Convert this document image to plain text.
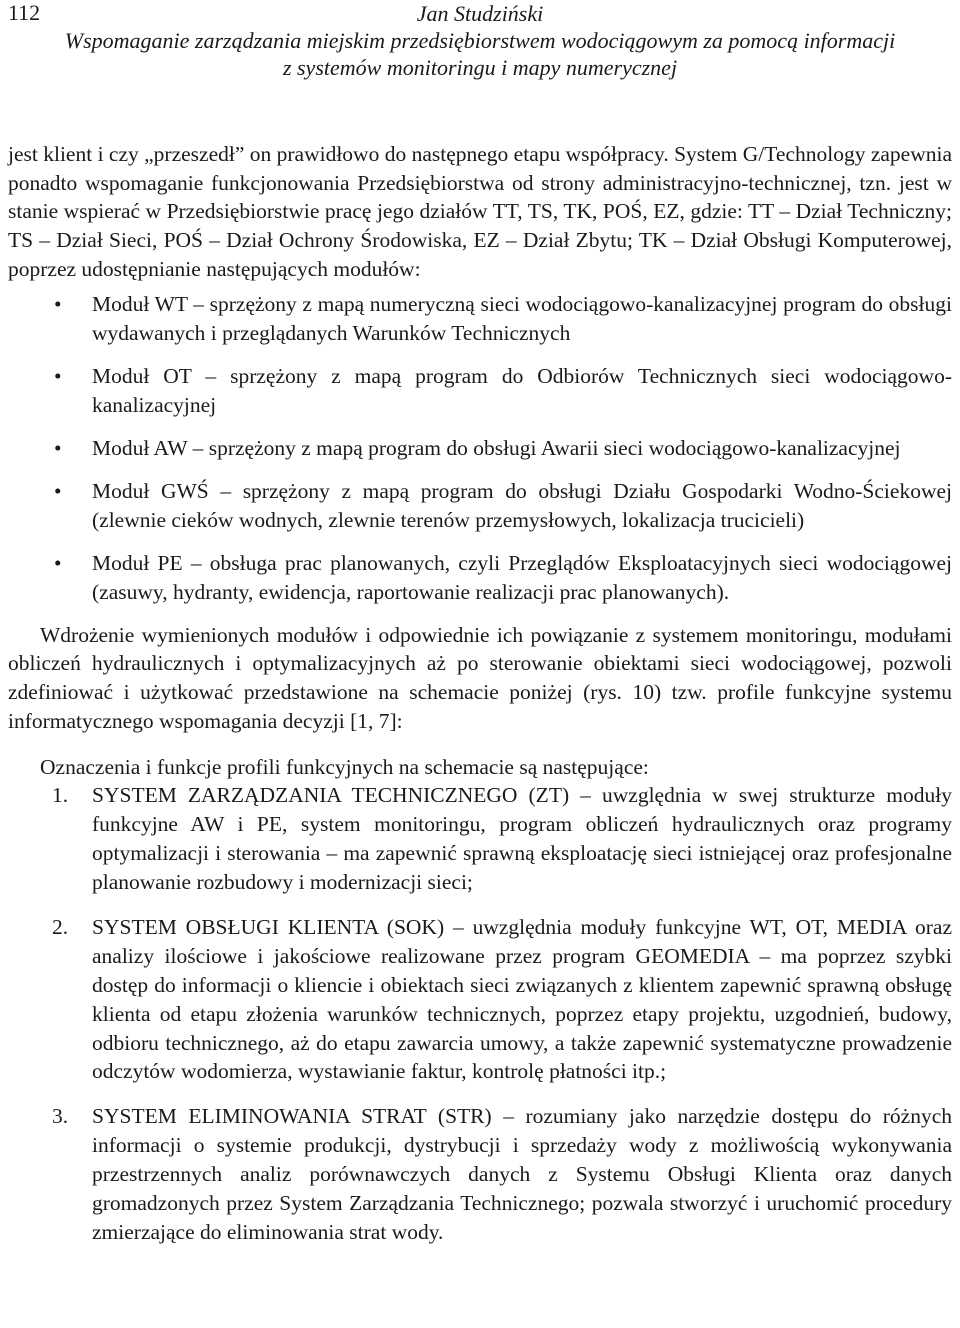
112	Jan Studziński
Wspomaganie zarządzania miejskim przedsiębiorstwem wodociągowym za pomocą informacji
z systemów monitoringu i mapy numerycznej

jest klient i czy „przeszedł” on prawidłowo do następnego etapu współpracy. System G/Technology zapewnia ponadto wspomaganie funkcjonowania Przedsiębiorstwa od strony administracyjno-technicznej, tzn. jest w stanie wspierać w Przedsiębiorstwie pracę jego działów TT, TS, TK, POŚ, EZ, gdzie: TT – Dział Techniczny; TS – Dział Sieci, POŚ – Dział Ochrony Środowiska, EZ – Dział Zbytu; TK – Dział Obsługi Komputerowej, poprzez udostępnianie następujących modułów:

• Moduł WT – sprzężony z mapą numeryczną sieci wodociągowo-kanalizacyjnej program do obsługi wydawanych i przeglądanych Warunków Technicznych
• Moduł OT – sprzężony z mapą program do Odbiorów Technicznych sieci wodociągowo-kanalizacyjnej
• Moduł AW – sprzężony z mapą program do obsługi Awarii sieci wodociągowo-kanalizacyjnej
• Moduł GWŚ – sprzężony z mapą program do obsługi Działu Gospodarki Wodno-Ściekowej (zlewnie cieków wodnych, zlewnie terenów przemysłowych, lokalizacja trucicieli)
• Moduł PE – obsługa prac planowanych, czyli Przeglądów Eksploatacyjnych sieci wodociągowej (zasuwy, hydranty, ewidencja, raportowanie realizacji prac planowanych).

Wdrożenie wymienionych modułów i odpowiednie ich powiązanie z systemem monitoringu, modułami obliczeń hydraulicznych i optymalizacyjnych aż po sterowanie obiektami sieci wodociągowej, pozwoli zdefiniować i użytkować przedstawione na schemacie poniżej (rys. 10) tzw. profile funkcyjne systemu informatycznego wspomagania decyzji [1, 7]:

Oznaczenia i funkcje profili funkcyjnych na schemacie są następujące:

1. SYSTEM ZARZĄDZANIA TECHNICZNEGO (ZT) – uwzględnia w swej strukturze moduły funkcyjne AW i PE, system monitoringu, program obliczeń hydraulicznych oraz programy optymalizacji i sterowania – ma zapewnić sprawną eksploatację sieci istniejącej oraz profesjonalne planowanie rozbudowy i modernizacji sieci;
2. SYSTEM OBSŁUGI KLIENTA (SOK) – uwzględnia moduły funkcyjne WT, OT, MEDIA oraz analizy ilościowe i jakościowe realizowane przez program GEOMEDIA – ma poprzez szybki dostęp do informacji o kliencie i obiektach sieci związanych z klientem zapewnić sprawną obsługę klienta od etapu złożenia warunków technicznych, poprzez etapy projektu, uzgodnień, budowy, odbioru technicznego, aż do etapu zawarcia umowy, a także zapewnić systematyczne prowadzenie odczytów wodomierza, wystawianie faktur, kontrolę płatności itp.;
3. SYSTEM ELIMINOWANIA STRAT (STR) – rozumiany jako narzędzie dostępu do różnych informacji o systemie produkcji, dystrybucji i sprzedaży wody z możliwością wykonywania przestrzennych analiz porównawczych danych z Systemu Obsługi Klienta oraz danych gromadzonych przez System Zarządzania Technicznego; pozwala stworzyć i uruchomić procedury zmierzające do eliminowania strat wody.
